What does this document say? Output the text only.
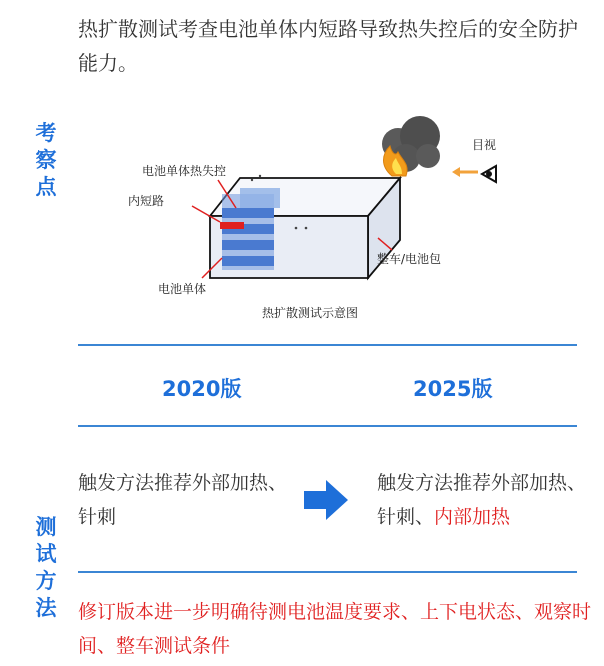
热扩散测试考查电池单体内短路导致热失控后的安全防护能力。
考
察
点
电池单体热失控
内短路
电池单体
整车/电池包
目视
热扩散测试示意图
2020版	2025版
触发方法推荐外部加热、针刺
触发方法推荐外部加热、针刺、内部加热
测
试
方
法 修订版本进一步明确待测电池温度要求、上下电状态、观察时间、整车测试条件
